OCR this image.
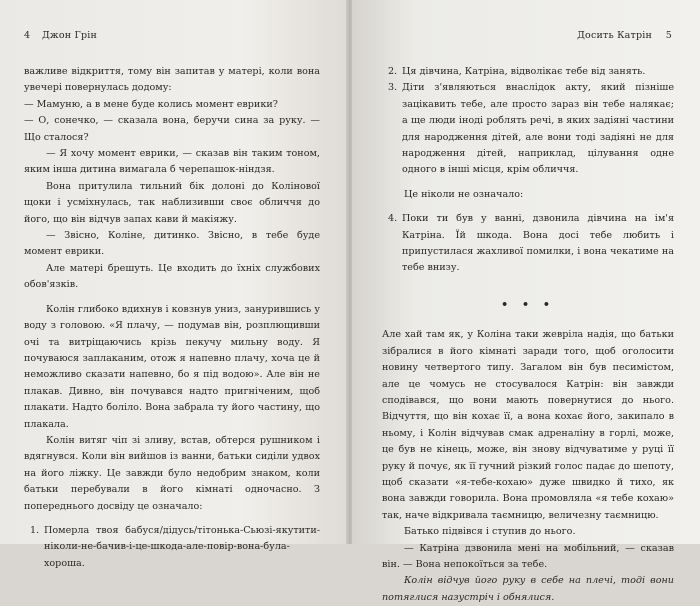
4 Джон Грін

важливе відкриття, тому він запитав у матері, коли вона увечері повернулась додому:

— Мамуню, а в мене буде колись момент еврики?

— О, сонечко, — сказала вона, беручи сина за руку. — Що сталося?

— Я хочу момент еврики, — сказав він таким тоном, яким інша дитина вимагала б черепашок-ніндзя.

Вона притулила тильний бік долоні до Колінової щоки і усміхнулась, так наблизивши своє обличчя до його, що він відчув запах кави й макіяжу.

— Звісно, Коліне, дитинко. Звісно, в тебе буде момент еврики.

Але матері брешуть. Це входить до їхніх службових обов'язків.

Колін глибоко вдихнув і ковзнув униз, занурившись у воду з головою. «Я плачу, — подумав він, розплющивши очі та витріщаючись крізь пекучу мильну воду. Я почуваюся заплаканим, отож я напевно плачу, хоча це й неможливо сказати напевно, бо я під водою». Але він не плакав. Дивно, він почувався надто пригніченим, щоб плакати. Надто боліло. Вона забрала ту його частину, що плакала.

Колін витяг чіп зі зливу, встав, обтерся рушником і вдягнувся. Коли він вийшов із ванни, батьки сиділи удвох на його ліжку. Це завжди було недобрим знаком, коли батьки перебували в його кімнаті одночасно. З попереднього досвіду це означало:

1. Померла твоя бабуся/дідусь/тітонька-Сьюзі-якутити-ніколи-не-бачив-і-це-шкода-але-повір-вона-була-хороша.
Досить Катрін 5
2. Ця дівчина, Катріна, відволікає тебе від занять.
3. Діти з'являються внаслідок акту, який пізніше зацікавить тебе, але просто зараз він тебе налякає; а ще люди іноді роблять речі, в яких задіяні частини для народження дітей, але вони тоді задіяні не для народження дітей, наприклад, цілування одне одного в інші місця, крім обличчя.

Це ніколи не означало:

4. Поки ти був у ванні, дзвонила дівчина на ім'я Катріна. Їй шкода. Вона досі тебе любить і припустилася жахливої помилки, і вона чекатиме на тебе внизу.
• • •

Але хай там як, у Коліна таки жевріла надія, що батьки зібралися в його кімнаті заради того, щоб оголосити новину четвертого типу. Загалом він був песимістом, але це чомусь не стосувалося Катрін: він завжди сподівався, що вони мають повернутися до нього. Відчуття, що він кохає її, а вона кохає його, закипало в ньому, і Колін відчував смак адреналіну в горлі, може, це був не кінець, може, він знову відчуватиме у руці її руку й почує, як її гучний різкий голос падає до шепоту, щоб сказати «я-тебе-кохаю» дуже швидко й тихо, як вона завжди говорила. Вона промовляла «я тебе кохаю» так, наче відкривала таємницю, величезну таємницю.

Батько підвівся і ступив до нього.

— Катріна дзвонила мені на мобільний, — сказав він. — Вона непокоїться за тебе.

Колін відчув його руку в себе на плечі, тоді вони потяглися назустріч і обнялися.
